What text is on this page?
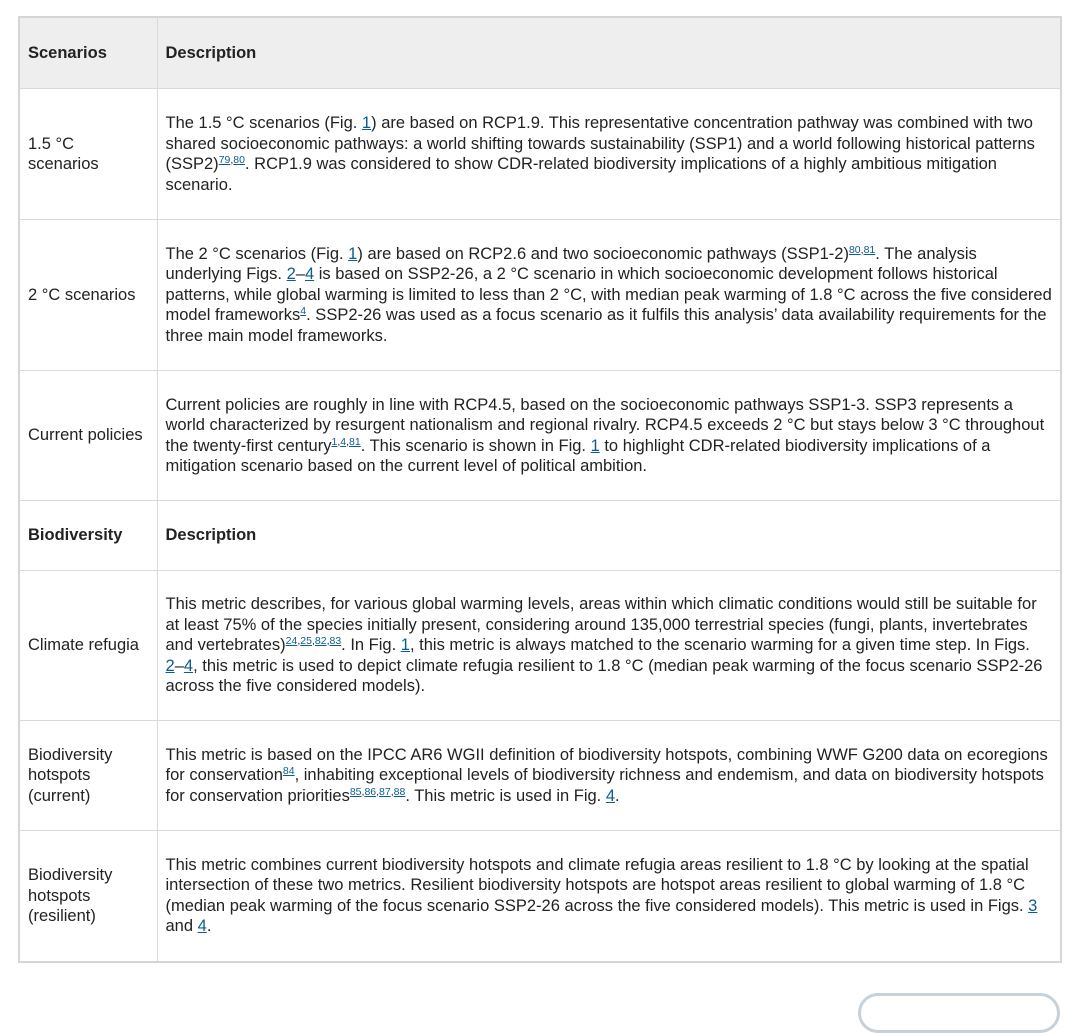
Scenarios	Description
1.5 °C scenarios	The 1.5 °C scenarios (Fig. 1) are based on RCP1.9. This representative concentration pathway was combined with two shared socioeconomic pathways: a world shifting towards sustainability (SSP1) and a world following historical patterns $(SSP2)^{79,80}$. RCP1.9 was considered to show CDR-related biodiversity implications of a highly ambitious mitigation scenario.
2 °C scenarios	The 2 °C scenarios (Fig. 1) are based on RCP2.6 and two socioeconomic pathways $(SSP1-2)^{80,81}$. The analysis underlying Figs. 2–4 is based on SSP2-26, a 2 °C scenario in which socioeconomic development follows historical patterns, while global warming is limited to less than 2 °C, with median peak warming of 1.8 °C across the five considered model frameworks$^4$. SSP2-26 was used as a focus scenario as it fulfils this analysis’ data availability requirements for the three main model frameworks.
Current policies	Current policies are roughly in line with RCP4.5, based on the socioeconomic pathways SSP1-3. SSP3 represents a world characterized by resurgent nationalism and regional rivalry. RCP4.5 exceeds 2 °C but stays below 3 °C throughout the twenty-first century$^{1,4,81}$. This scenario is shown in Fig. 1 to highlight CDR-related biodiversity implications of a mitigation scenario based on the current level of political ambition.
Biodiversity	Description
Climate refugia	This metric describes, for various global warming levels, areas within which climatic conditions would still be suitable for at least 75% of the species initially present, considering around 135,000 terrestrial species (fungi, plants, invertebrates and vertebrates)$^{24,25,82,83}$. In Fig. 1, this metric is always matched to the scenario warming for a given time step. In Figs. 2–4, this metric is used to depict climate refugia resilient to 1.8 °C (median peak warming of the focus scenario SSP2-26 across the five considered models).
Biodiversity hotspots (current)	This metric is based on the IPCC AR6 WGII definition of biodiversity hotspots, combining WWF G200 data on ecoregions for conservation$^{84}$, inhabiting exceptional levels of biodiversity richness and endemism, and data on biodiversity hotspots for conservation priorities$^{85,86,87,88}$. This metric is used in Fig. 4.
Biodiversity hotspots (resilient)	This metric combines current biodiversity hotspots and climate refugia areas resilient to 1.8 °C by looking at the spatial intersection of these two metrics. Resilient biodiversity hotspots are hotspot areas resilient to global warming of 1.8 °C (median peak warming of the focus scenario SSP2-26 across the five considered models). This metric is used in Figs. 3 and 4.
